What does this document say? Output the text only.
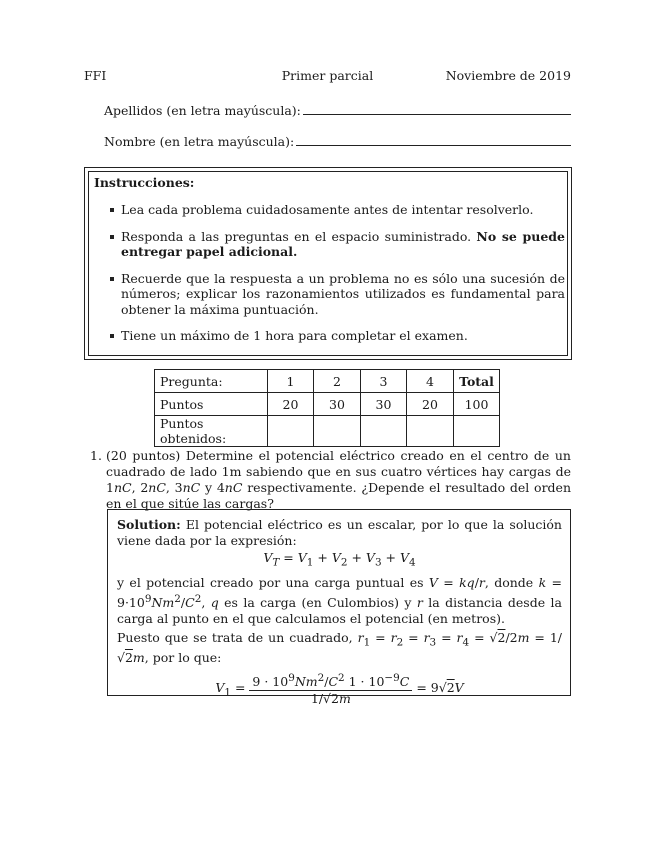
FFI	Primer parcial	Noviembre de 2019
Apellidos (en letra mayúscula):
Nombre (en letra mayúscula):
Instrucciones:
Lea cada problema cuidadosamente antes de intentar resolverlo.
Responda a las preguntas en el espacio suministrado. No se puede entregar papel adicional.
Recuerde que la respuesta a un problema no es sólo una sucesión de números; explicar los razonamientos utilizados es fundamental para obtener la máxima puntuación.
Tiene un máximo de 1 hora para completar el examen.
Pregunta:	1	2	3	4	Total
Puntos	20	30	30	20	100
Puntos obtenidos:					
1. (20 puntos) Determine el potencial eléctrico creado en el centro de un cuadrado de lado 1m sabiendo que en sus cuatro vértices hay cargas de 1nC, 2nC, 3nC y 4nC respectivamente. ¿Depende el resultado del orden en el que sitúe las cargas?

Solution: El potencial eléctrico es un escalar, por lo que la solución viene dada por la expresión:

$V_T = V_1 + V_2 + V_3 + V_4$

y el potencial creado por una carga puntual es V = kq/r, donde $k = 9\cdot 10^9Nm^2/C^2$, q es la carga (en Culombios) y r la distancia desde la carga al punto en el que calculamos el potencial (en metros).

Puesto que se trata de un cuadrado, $r_1 = r_2 = r_3 = r_4 = √2/2m = 1/√2m$, por lo que:

$V_1 = \frac{9 \cdot 10^9Nm^2/C^2 1 \cdot 10^{-9}C}{1/√2m} = 9√2V$
